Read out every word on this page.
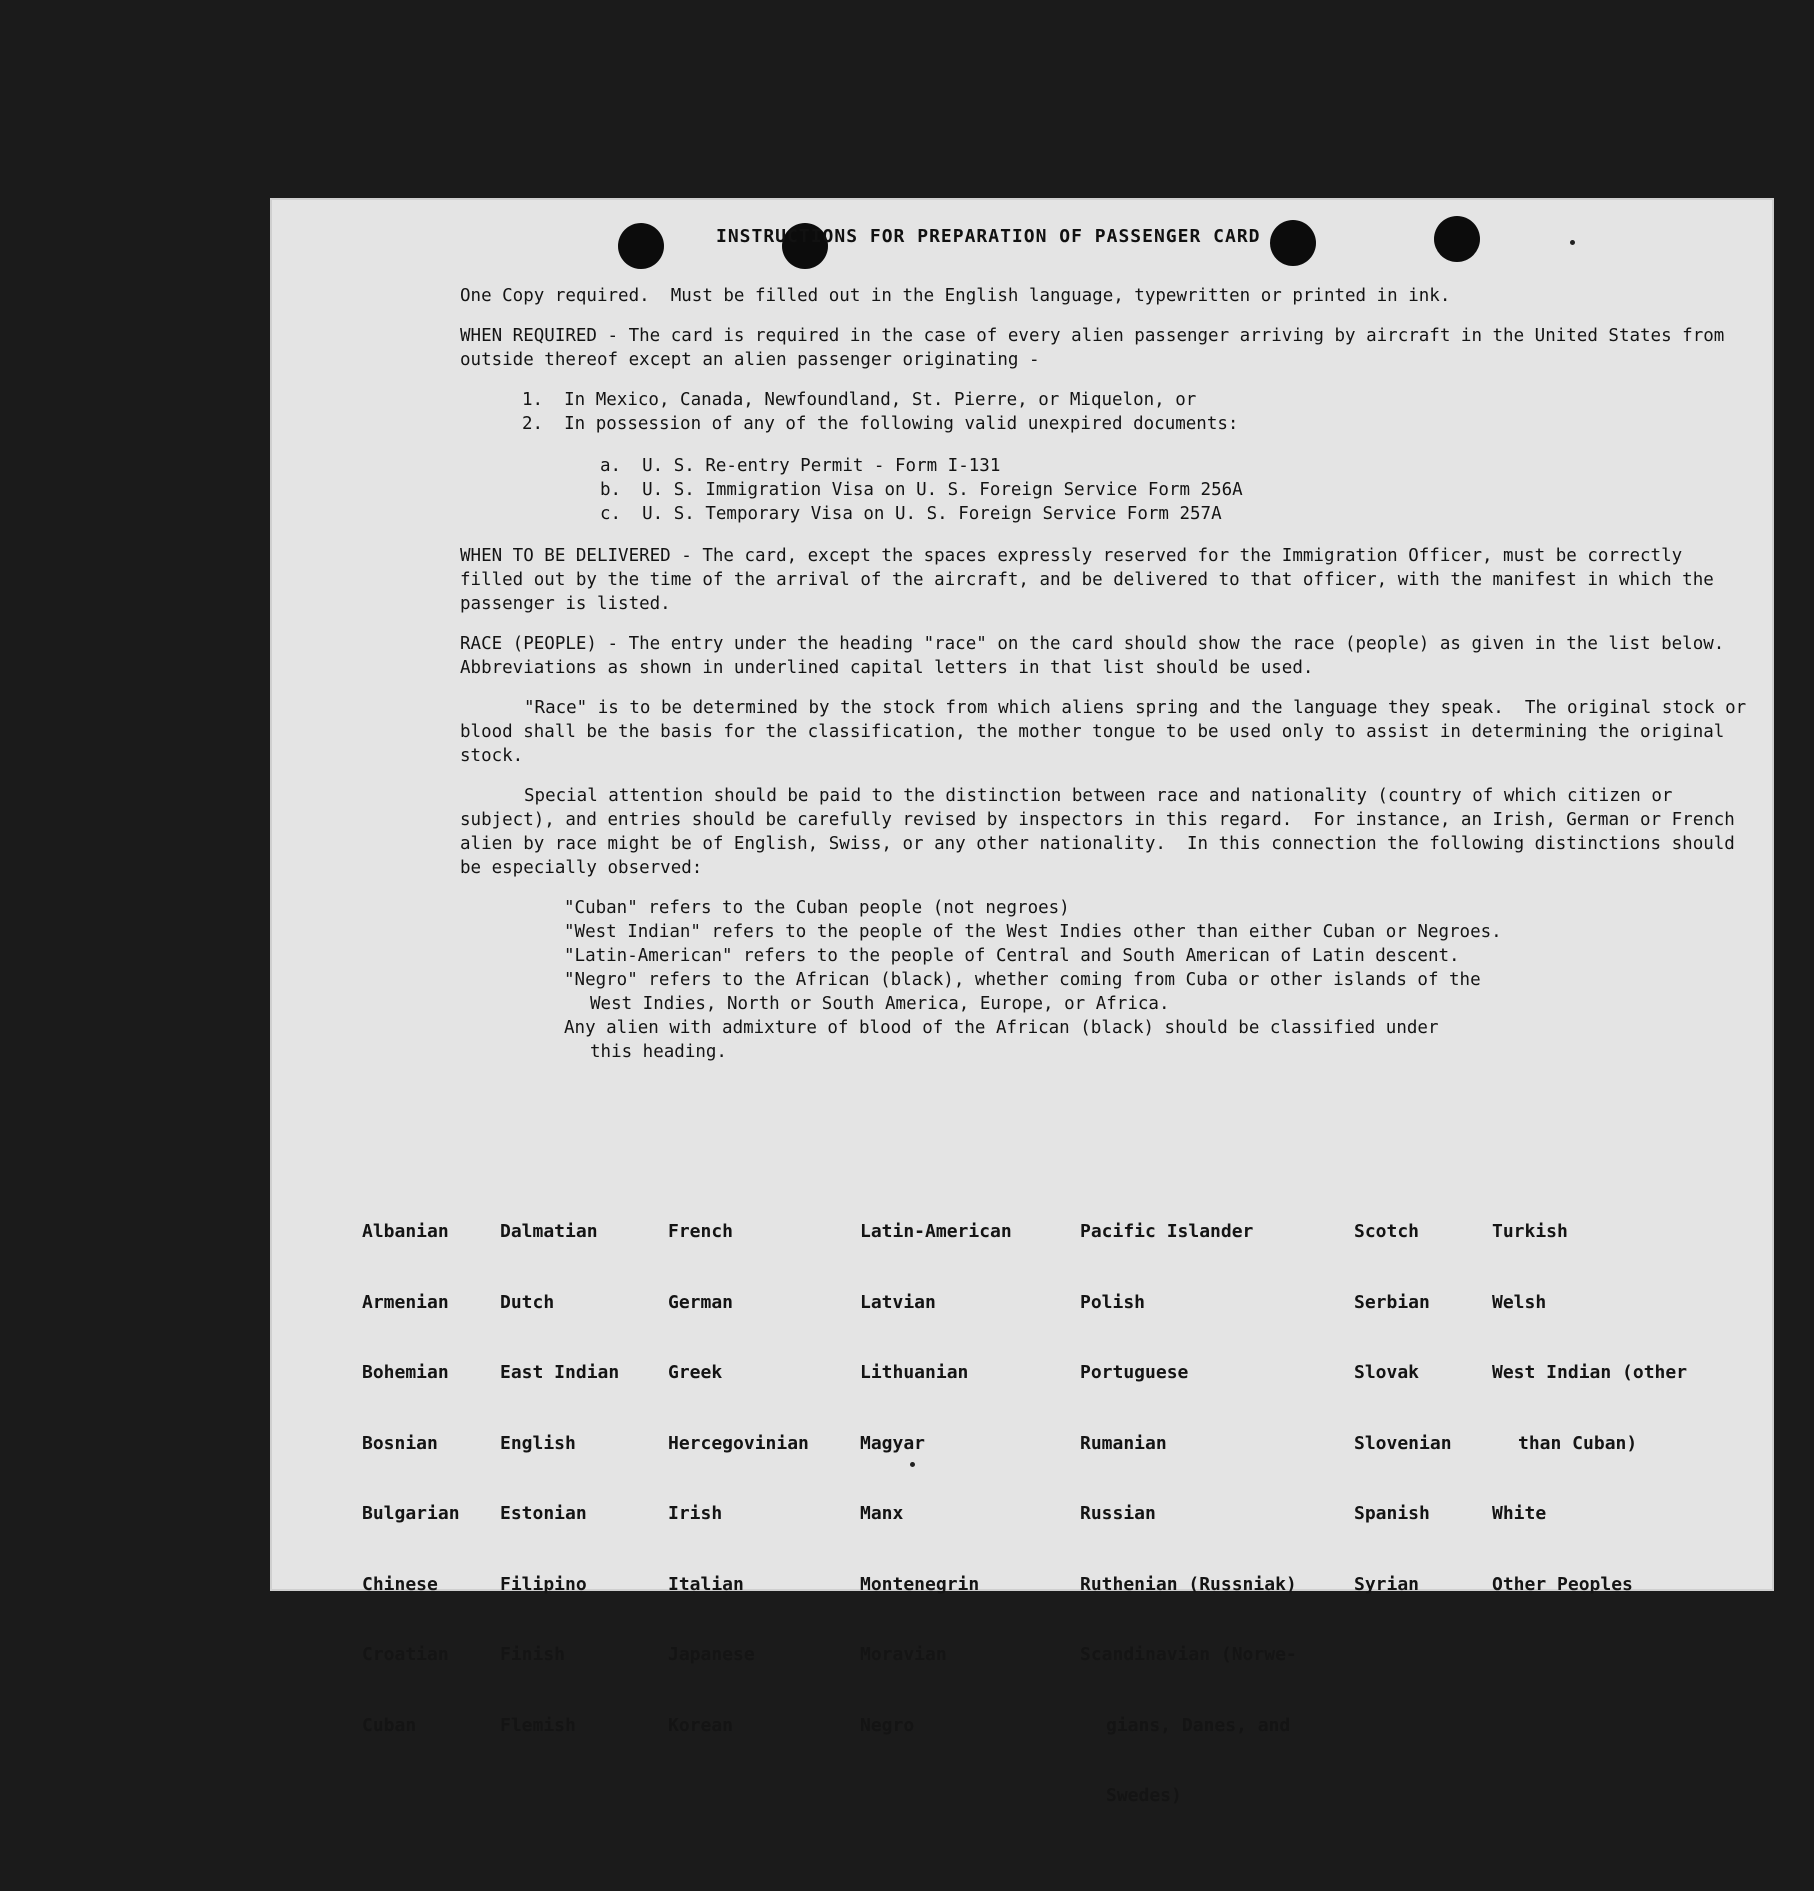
INSTRUCTIONS FOR PREPARATION OF PASSENGER CARD

One Copy required.  Must be filled out in the English language, typewritten or printed in ink.

WHEN REQUIRED - The card is required in the case of every alien passenger arriving by aircraft in the United States from outside thereof except an alien passenger originating -

1.  In Mexico, Canada, Newfoundland, St. Pierre, or Miquelon, or
2.  In possession of any of the following valid unexpired documents:
a.  U. S. Re-entry Permit - Form I-131
b.  U. S. Immigration Visa on U. S. Foreign Service Form 256A
c.  U. S. Temporary Visa on U. S. Foreign Service Form 257A

WHEN TO BE DELIVERED - The card, except the spaces expressly reserved for the Immigration Officer, must be correctly filled out by the time of the arrival of the aircraft, and be delivered to that officer, with the manifest in which the passenger is listed.

RACE (PEOPLE) - The entry under the heading "race" on the card should show the race (people) as given in the list below.  Abbreviations as shown in underlined capital letters in that list should be used.

"Race" is to be determined by the stock from which aliens spring and the language they speak.  The original stock or blood shall be the basis for the classification, the mother tongue to be used only to assist in determining the original stock.

Special attention should be paid to the distinction between race and nationality (country of which citizen or subject), and entries should be carefully revised by inspectors in this regard.  For instance, an Irish, German or French alien by race might be of English, Swiss, or any other nationality.  In this connection the following distinctions should be especially observed:

"Cuban" refers to the Cuban people (not negroes)
"West Indian" refers to the people of the West Indies other than either Cuban or Negroes.
"Latin-American" refers to the people of Central and South American of Latin descent.
"Negro" refers to the African (black), whether coming from Cuba or other islands of the
West Indies, North or South America, Europe, or Africa.
Any alien with admixture of blood of the African (black) should be classified under
this heading.

Albanian

Armenian

Bohemian

Bosnian

Bulgarian

Chinese

Croatian

Cuban

Dalmatian

Dutch

East Indian

English

Estonian

Filipino

Finish

Flemish

French

German

Greek

Hercegovinian

Irish

Italian

Japanese

Korean

Latin-American

Latvian

Lithuanian

Magyar

Manx

Montenegrin

Moravian

Negro

Pacific Islander

Polish

Portuguese

Rumanian

Russian

Ruthenian (Russniak)

Scandinavian (Norwe-

gians, Danes, and

Swedes)

Scotch

Serbian

Slovak

Slovenian

Spanish

Syrian

Turkish

Welsh

West Indian (other

than Cuban)

White

Other Peoples
